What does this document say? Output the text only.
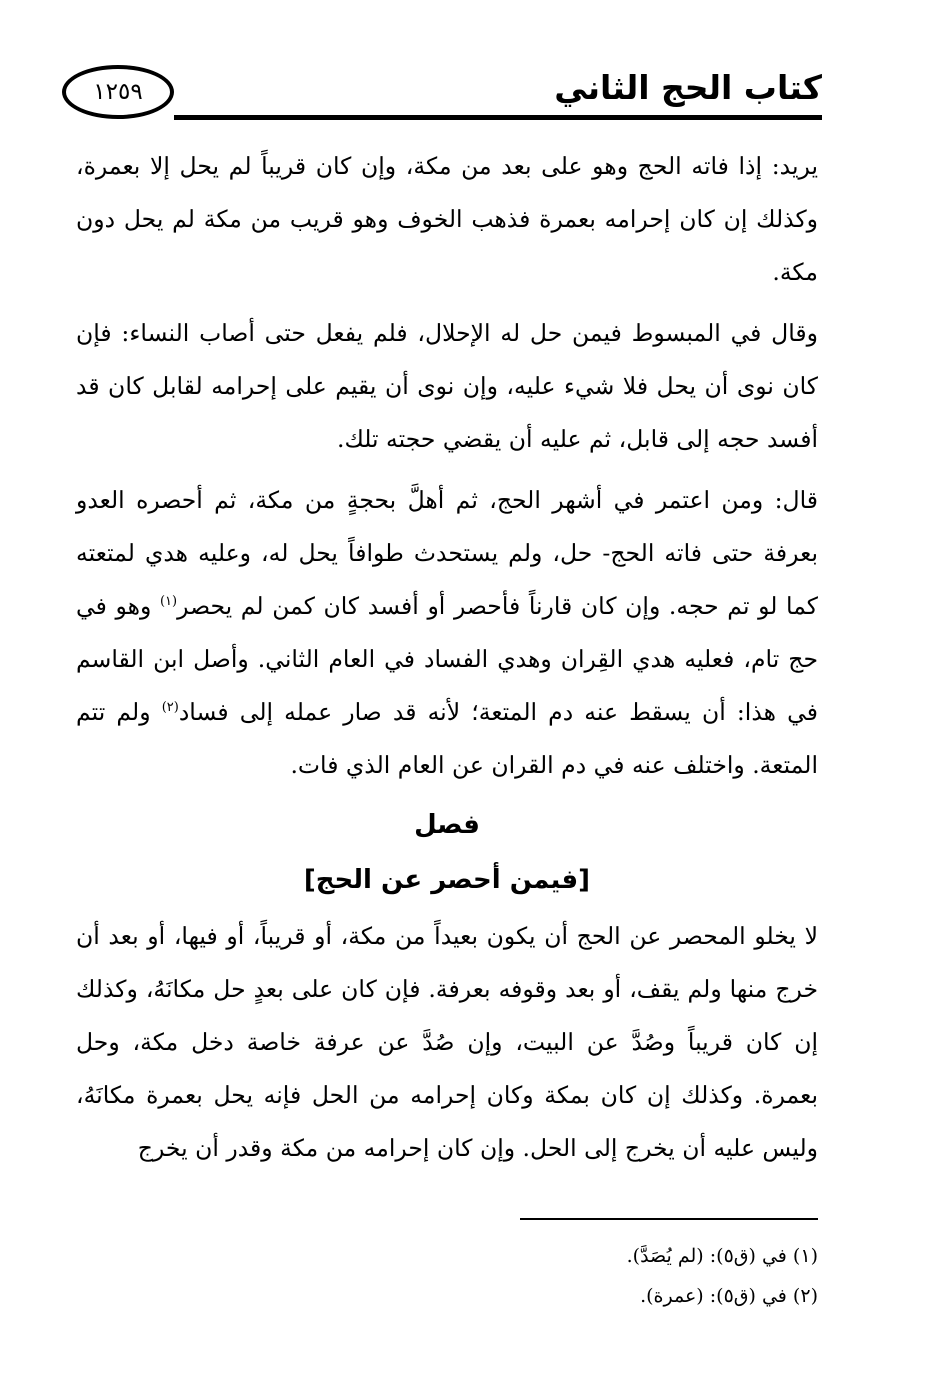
كتاب الحج الثاني
١٢٥٩

يريد: إذا فاته الحج وهو على بعد من مكة، وإن كان قريباً لم يحل إلا بعمرة، وكذلك إن كان إحرامه بعمرة فذهب الخوف وهو قريب من مكة لم يحل دون مكة.

وقال في المبسوط فيمن حل له الإحلال، فلم يفعل حتى أصاب النساء: فإن كان نوى أن يحل فلا شيء عليه، وإن نوى أن يقيم على إحرامه لقابل كان قد أفسد حجه إلى قابل، ثم عليه أن يقضي حجته تلك.

قال: ومن اعتمر في أشهر الحج، ثم أهلَّ بحجةٍ من مكة، ثم أحصره العدو بعرفة حتى فاته الحج- حل، ولم يستحدث طوافاً يحل له، وعليه هدي لمتعته كما لو تم حجه. وإن كان قارناً فأحصر أو أفسد كان كمن لم يحصر$^{(١)}$ وهو في حج تام، فعليه هدي القِران وهدي الفساد في العام الثاني. وأصل ابن القاسم في هذا: أن يسقط عنه دم المتعة؛ لأنه قد صار عمله إلى فساد$^{(٢)}$ ولم تتم المتعة. واختلف عنه في دم القران عن العام الذي فات.

فصل
[فيمن أحصر عن الحج]

لا يخلو المحصر عن الحج أن يكون بعيداً من مكة، أو قريباً، أو فيها، أو بعد أن خرج منها ولم يقف، أو بعد وقوفه بعرفة. فإن كان على بعدٍ حل مكانَهُ، وكذلك إن كان قريباً وصُدَّ عن البيت، وإن صُدَّ عن عرفة خاصة دخل مكة، وحل بعمرة. وكذلك إن كان بمكة وكان إحرامه من الحل فإنه يحل بعمرة مكانَهُ، وليس عليه أن يخرج إلى الحل. وإن كان إحرامه من مكة وقدر أن يخرج

(١) في (ق٥): (لم يُصَدَّ).

(٢) في (ق٥): (عمرة).
